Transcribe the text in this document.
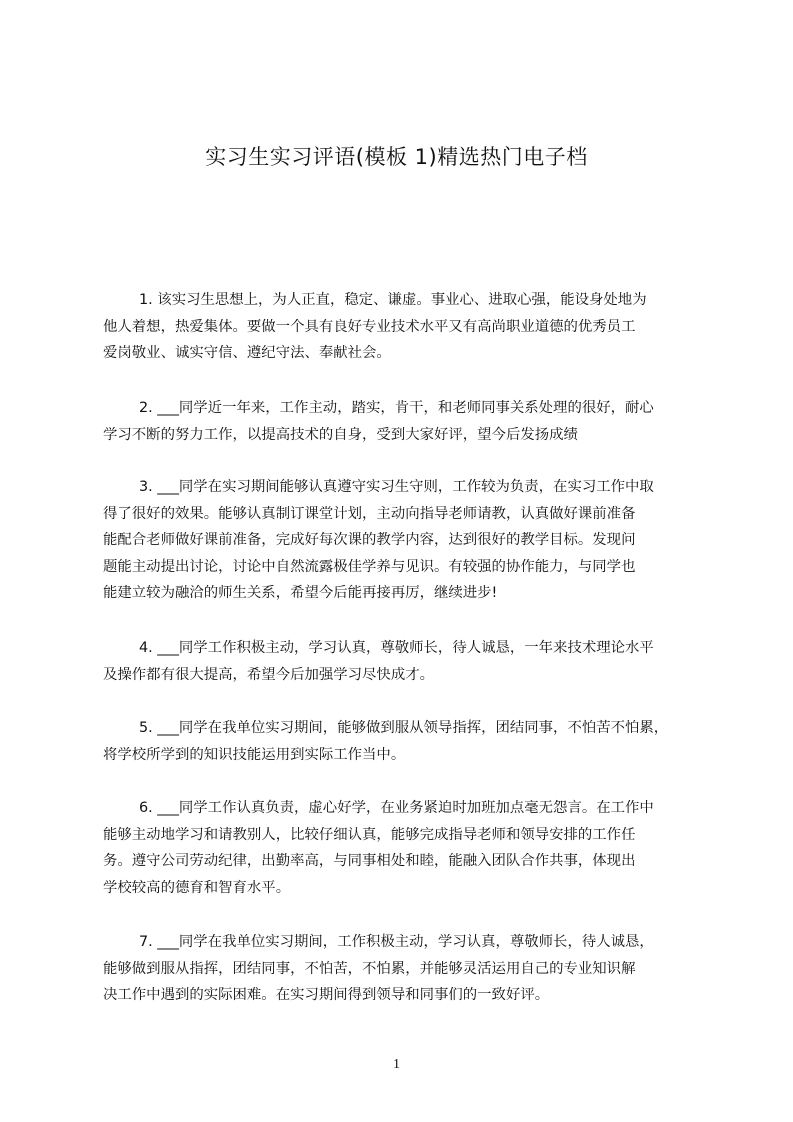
实习生实习评语(模板 1)精选热门电子档
1. 该实习生思想上，为人正直，稳定、谦虚。事业心、进取心强，能设身处地为
他人着想，热爱集体。要做一个具有良好专业技术水平又有高尚职业道德的优秀员工
爱岗敬业、诚实守信、遵纪守法、奉献社会。
2. ___同学近一年来，工作主动，踏实，肯干，和老师同事关系处理的很好，耐心
学习不断的努力工作，以提高技术的自身，受到大家好评，望今后发扬成绩
3. ___同学在实习期间能够认真遵守实习生守则，工作较为负责，在实习工作中取
得了很好的效果。能够认真制订课堂计划，主动向指导老师请教，认真做好课前准备
能配合老师做好课前准备，完成好每次课的教学内容，达到很好的教学目标。发现问
题能主动提出讨论，讨论中自然流露极佳学养与见识。有较强的协作能力，与同学也
能建立较为融洽的师生关系，希望今后能再接再厉，继续进步!
4. ___同学工作积极主动，学习认真，尊敬师长，待人诚恳，一年来技术理论水平
及操作都有很大提高，希望今后加强学习尽快成才。
5. ___同学在我单位实习期间，能够做到服从领导指挥，团结同事，不怕苦不怕累，
将学校所学到的知识技能运用到实际工作当中。
6. ___同学工作认真负责，虚心好学，在业务紧迫时加班加点毫无怨言。在工作中
能够主动地学习和请教别人，比较仔细认真，能够完成指导老师和领导安排的工作任
务。遵守公司劳动纪律，出勤率高，与同事相处和睦，能融入团队合作共事，体现出
学校较高的德育和智育水平。
7. ___同学在我单位实习期间，工作积极主动，学习认真，尊敬师长，待人诚恳，
能够做到服从指挥，团结同事，不怕苦，不怕累，并能够灵活运用自己的专业知识解
决工作中遇到的实际困难。在实习期间得到领导和同事们的一致好评。
1
